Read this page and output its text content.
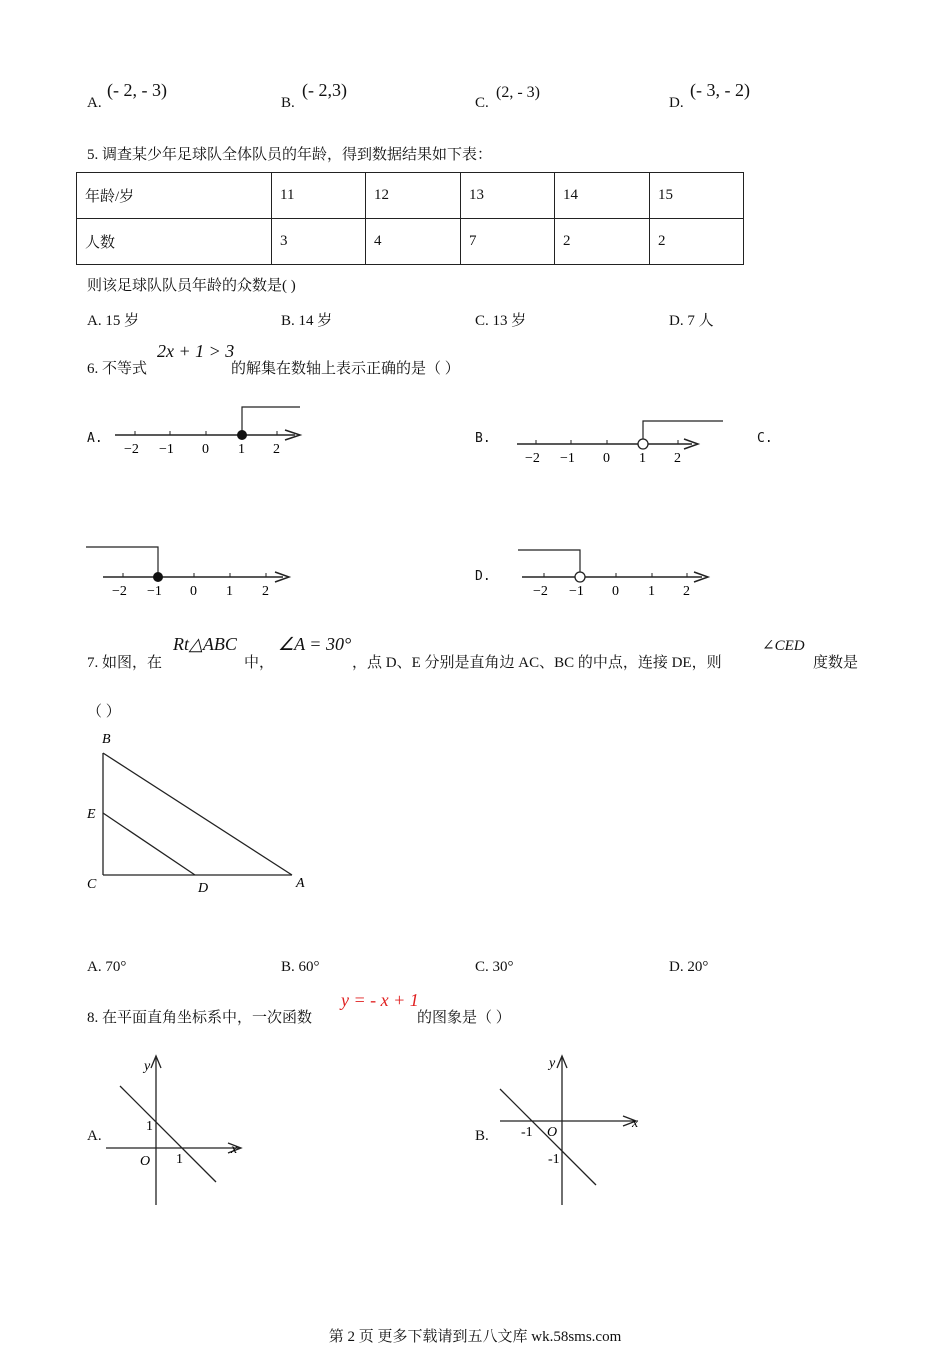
A.
(- 2, - 3)
B.
(- 2,3)
C.
(2, - 3)
D.
(- 3, - 2)
5. 调查某少年足球队全体队员的年龄，得到数据结果如下表：
年龄/岁	11	12	13	14	15
人数	3	4	7	2	2
则该足球队队员年龄的众数是( )
A. 15 岁	B. 14 岁	C. 13 岁	D. 7 人
6. 不等式
2x + 1 > 3
的解集在数轴上表示正确的是（ ）
A.	B.	C.
D.
−2 −1 0 1 2
−2 −1 0 1 2
−2 −1 0 1 2	−2 −1 0 1 2
7. 如图，在
Rt△ABC
中，
∠A = 30°
，点 D、E 分别是直角边 AC、BC 的中点，连接 DE，则
∠CED
度数是
（ ）
B
E
C	D	A
A. 70°	B. 60°	C. 30°	D. 20°
8. 在平面直角坐标系中，一次函数
y = - x + 1
的图象是（ ）
A.	B.
y
x
O
1
1
y
x
O
-1
-1
第 2 页 更多下载请到五八文库 wk.58sms.com
